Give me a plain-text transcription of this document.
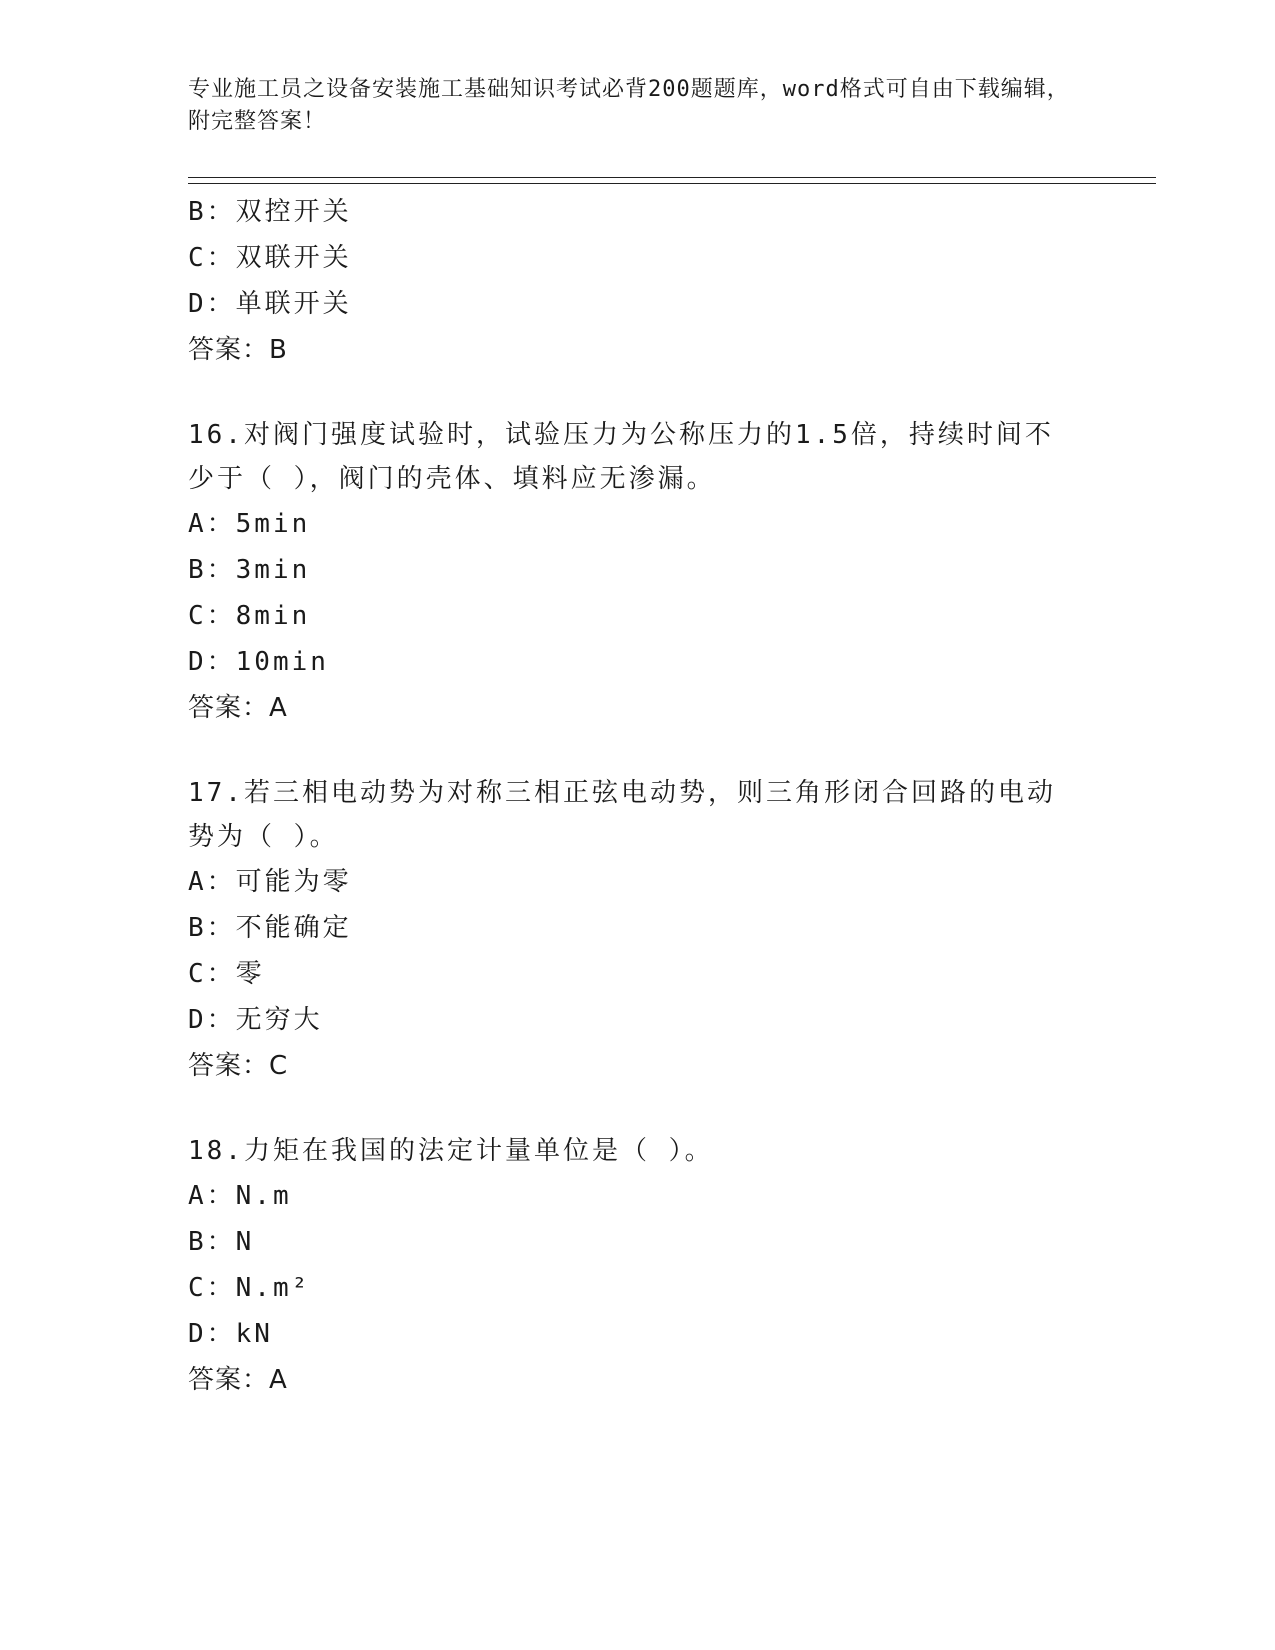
专业施工员之设备安装施工基础知识考试必背200题题库，word格式可自由下载编辑，附完整答案！
B：双控开关
C：双联开关
D：单联开关
答案：B
16.对阀门强度试验时，试验压力为公称压力的1.5倍，持续时间不少于（ ），阀门的壳体、填料应无渗漏。
A：5min
B：3min
C：8min
D：10min
答案：A
17.若三相电动势为对称三相正弦电动势，则三角形闭合回路的电动势为（ ）。
A：可能为零
B：不能确定
C：零
D：无穷大
答案：C
18.力矩在我国的法定计量单位是（ ）。
A：N.m
B：N
C：N.m²
D：kN
答案：A
